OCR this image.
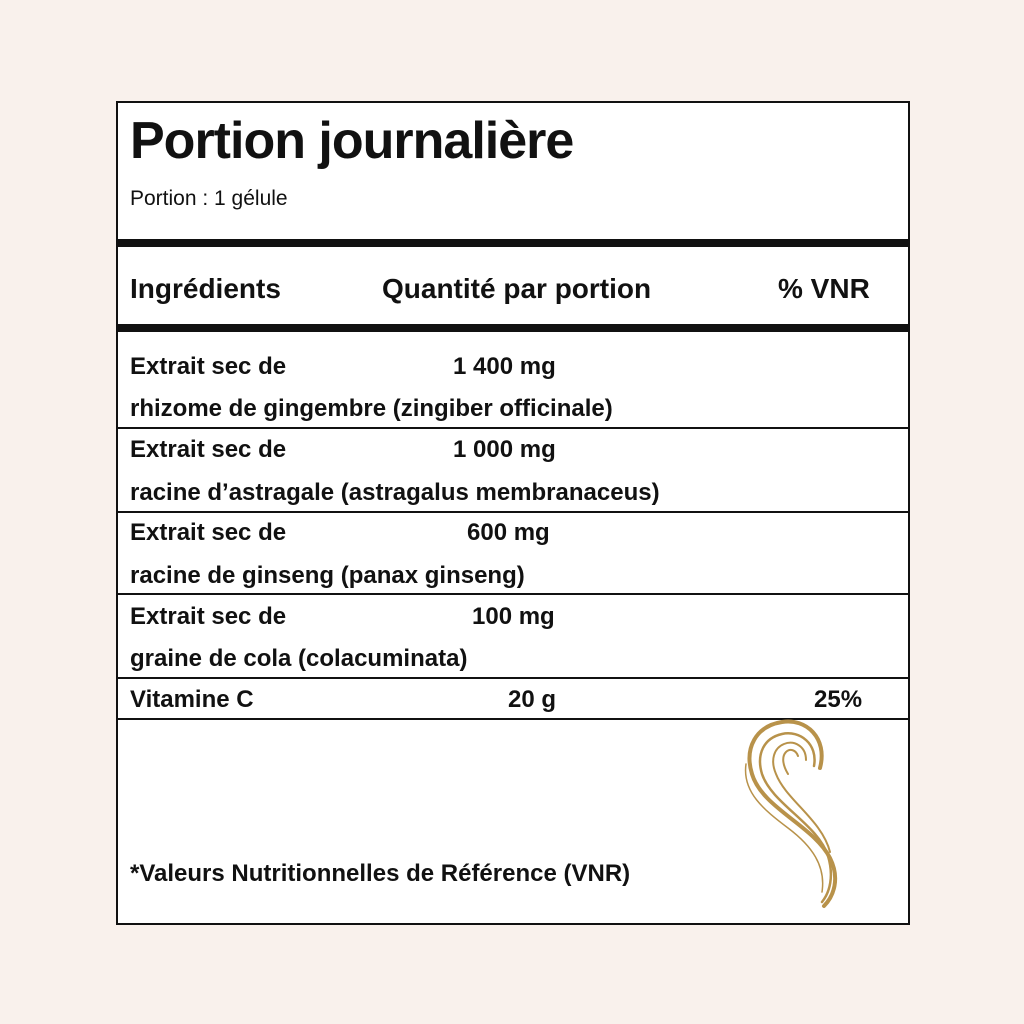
Portion journalière
Portion : 1 gélule
Ingrédients	Quantité par portion	% VNR
Extrait sec de	1 400 mg
rhizome de gingembre (zingiber officinale)
Extrait sec de	1 000 mg
racine d’astragale (astragalus membranaceus)
Extrait sec de	600 mg
racine de ginseng (panax ginseng)
Extrait sec de	100 mg
graine de cola (colacuminata)
Vitamine C	20 g	25%
*Valeurs Nutritionnelles de Référence (VNR)
